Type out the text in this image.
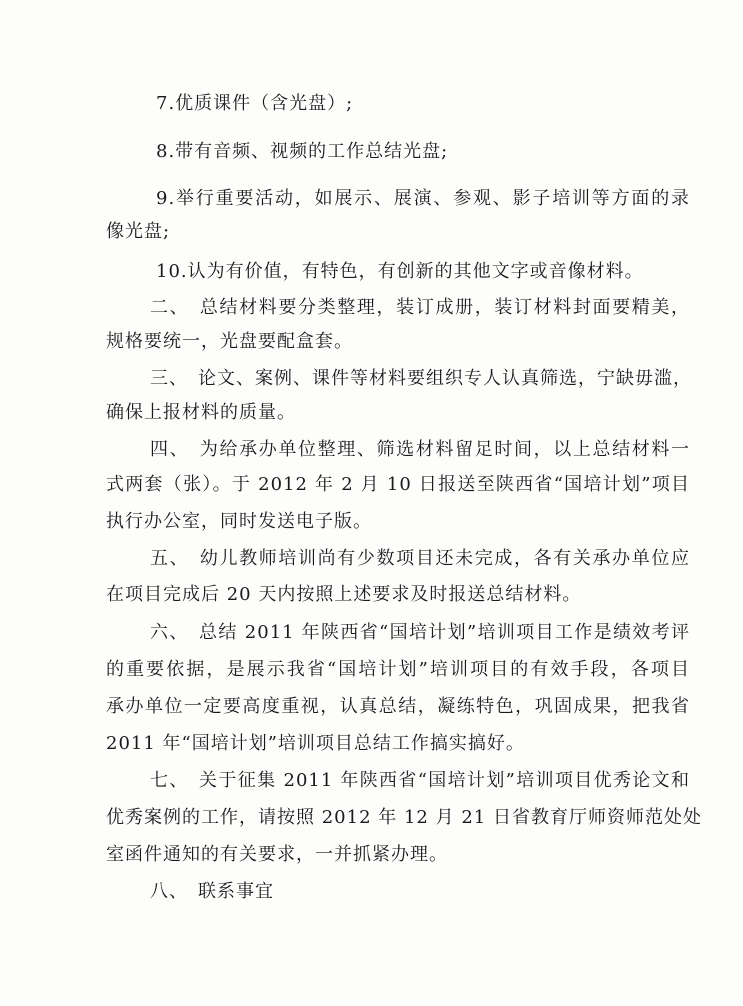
7.优质课件（含光盘）;
8.带有音频、视频的工作总结光盘;
9.举行重要活动，如展示、展演、参观、影子培训等方面的录
像光盘;
10.认为有价值，有特色，有创新的其他文字或音像材料。
二、　总结材料要分类整理，装订成册，装订材料封面要精美，
规格要统一，光盘要配盒套。
三、　论文、案例、课件等材料要组织专人认真筛选，宁缺毋滥，
确保上报材料的质量。
四、　为给承办单位整理、筛选材料留足时间，以上总结材料一
式两套（张）。于 2012 年 2 月 10 日报送至陕西省“国培计划”项目
执行办公室，同时发送电子版。
五、　幼儿教师培训尚有少数项目还未完成，各有关承办单位应
在项目完成后 20 天内按照上述要求及时报送总结材料。
六、　总结 2011 年陕西省“国培计划”培训项目工作是绩效考评
的重要依据，是展示我省“国培计划”培训项目的有效手段，各项目
承办单位一定要高度重视，认真总结，凝练特色，巩固成果，把我省
2011 年“国培计划”培训项目总结工作搞实搞好。
七、　关于征集 2011 年陕西省“国培计划”培训项目优秀论文和
优秀案例的工作，请按照 2012 年 12 月 21 日省教育厅师资师范处处
室函件通知的有关要求，一并抓紧办理。
八、　联系事宜
